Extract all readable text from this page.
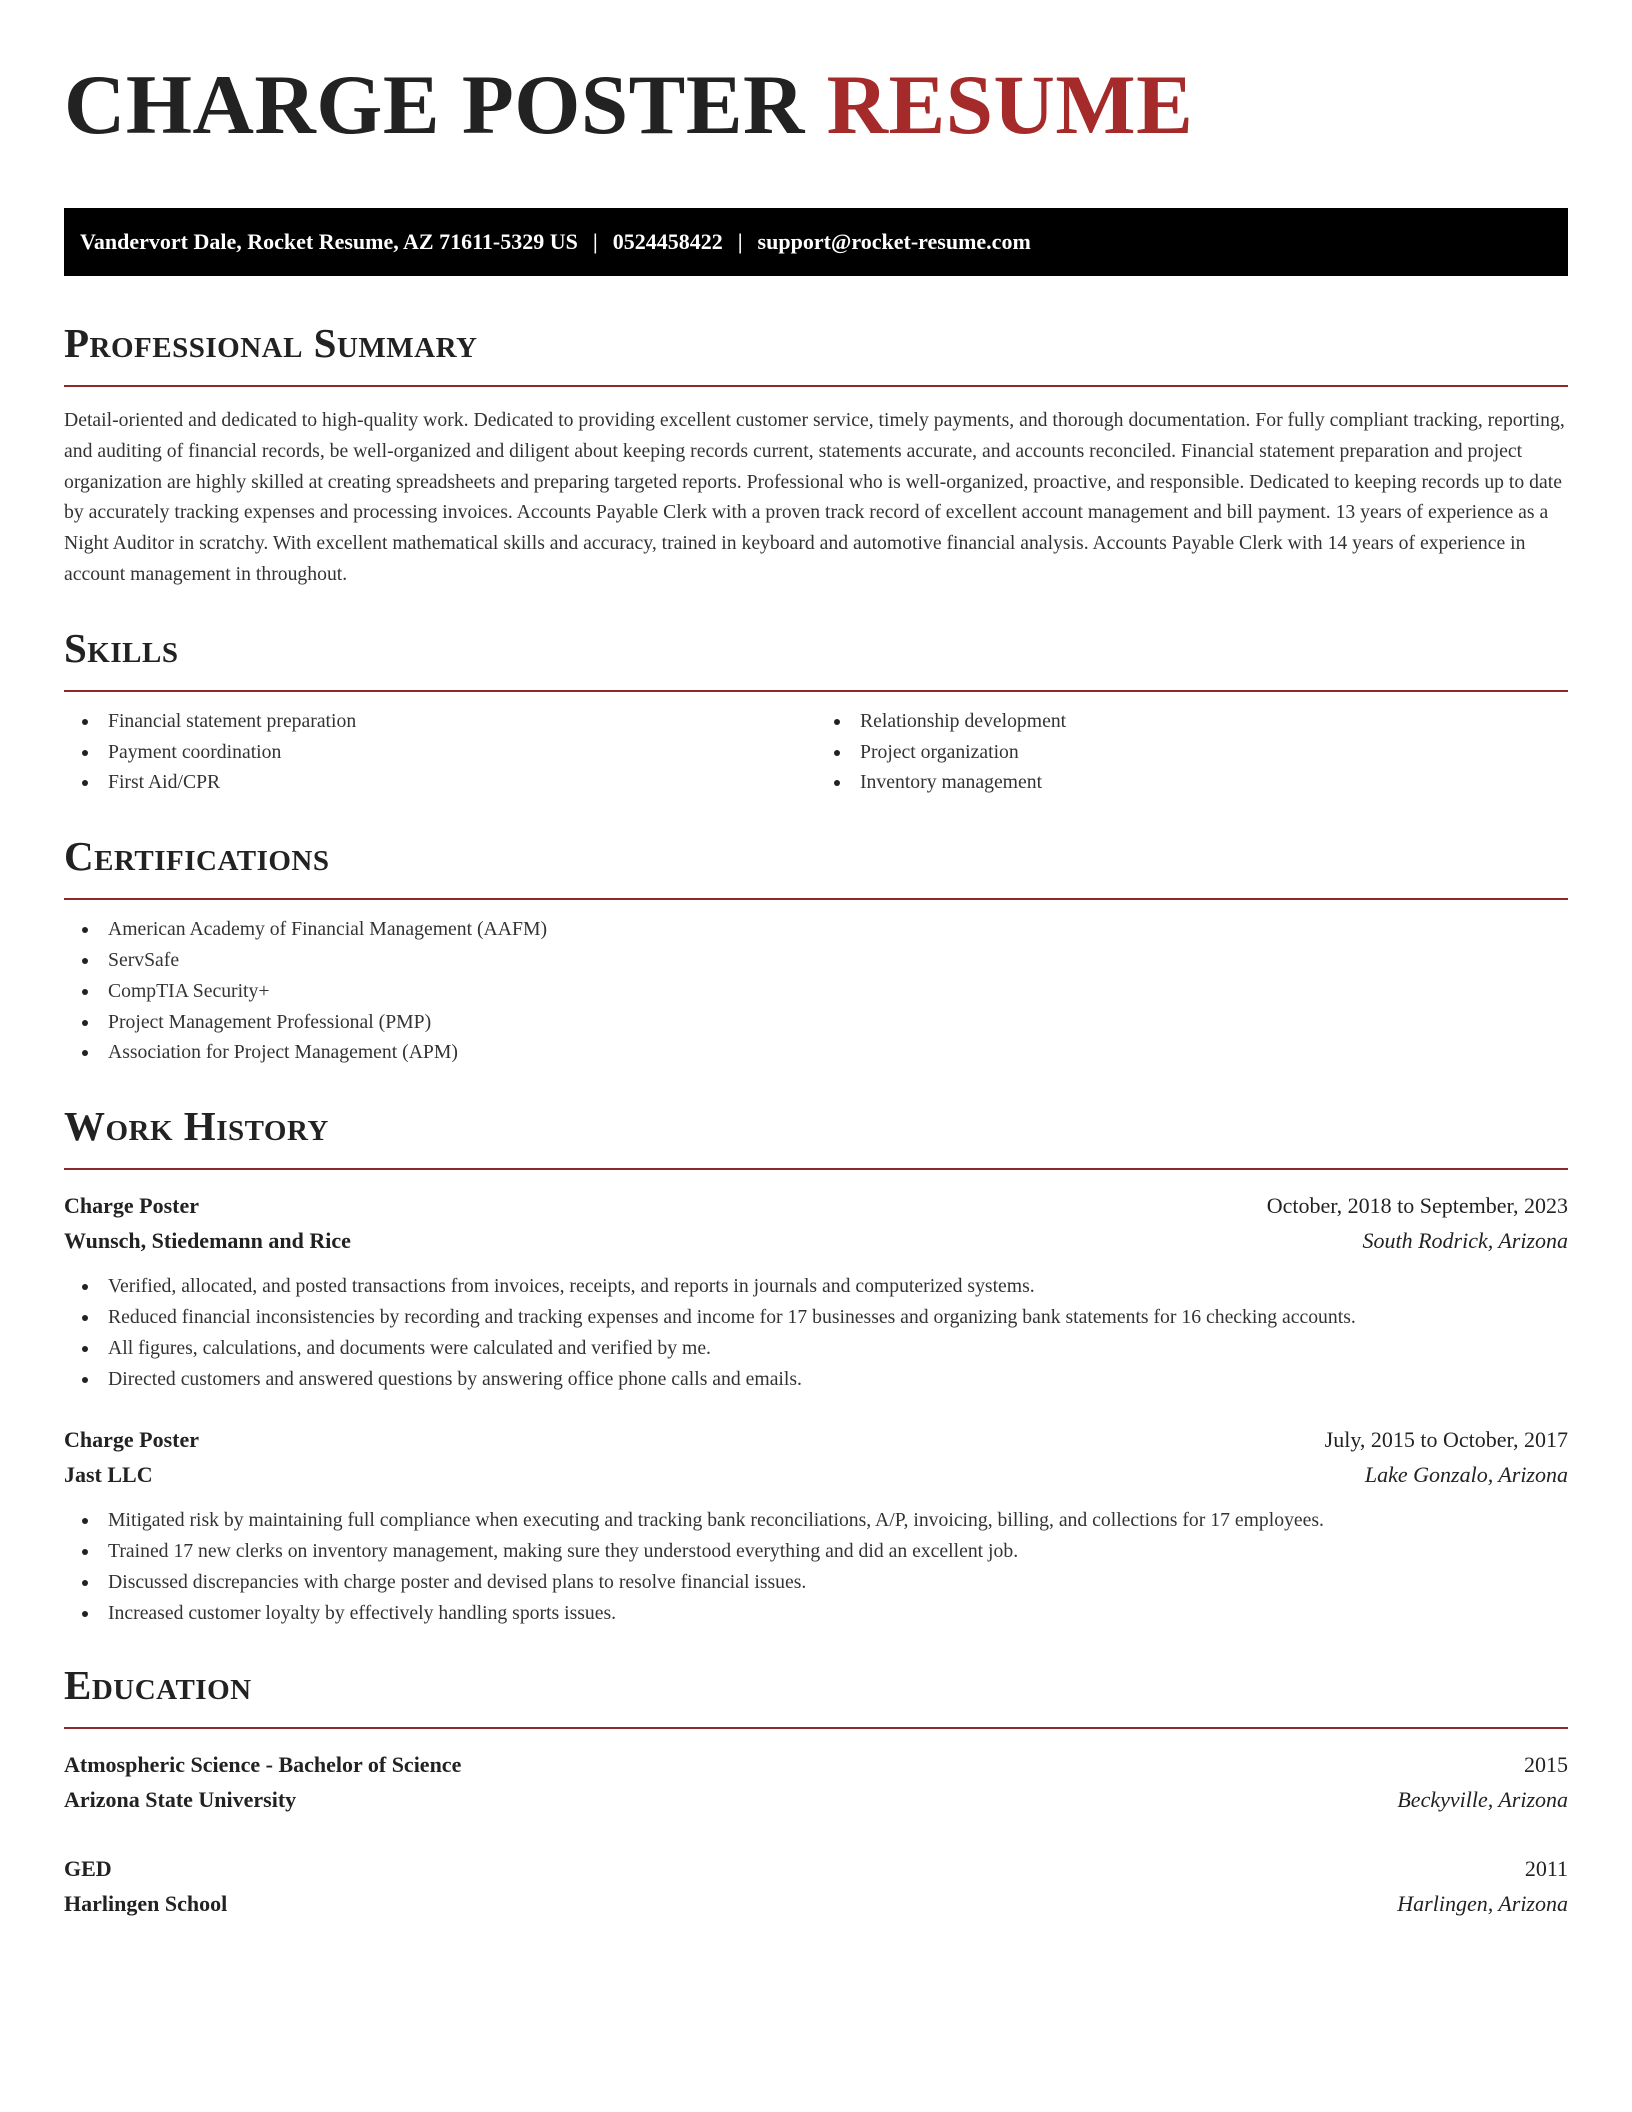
CHARGE POSTER RESUME
Vandervort Dale, Rocket Resume, AZ 71611-5329 US | 0524458422 | support@rocket-resume.com
Professional Summary

Detail-oriented and dedicated to high-quality work. Dedicated to providing excellent customer service, timely payments, and thorough documentation. For fully compliant tracking, reporting, and auditing of financial records, be well-organized and diligent about keeping records current, statements accurate, and accounts reconciled. Financial statement preparation and project organization are highly skilled at creating spreadsheets and preparing targeted reports. Professional who is well-organized, proactive, and responsible. Dedicated to keeping records up to date by accurately tracking expenses and processing invoices. Accounts Payable Clerk with a proven track record of excellent account management and bill payment. 13 years of experience as a Night Auditor in scratchy. With excellent mathematical skills and accuracy, trained in keyboard and automotive financial analysis. Accounts Payable Clerk with 14 years of experience in account management in throughout.

Skills
Financial statement preparation
Payment coordination
First Aid/CPR
Relationship development
Project organization
Inventory management
Certifications
American Academy of Financial Management (AAFM)
ServSafe
CompTIA Security+
Project Management Professional (PMP)
Association for Project Management (APM)
Work History
Charge Poster	October, 2018 to September, 2023
Wunsch, Stiedemann and Rice	South Rodrick, Arizona
Verified, allocated, and posted transactions from invoices, receipts, and reports in journals and computerized systems.
Reduced financial inconsistencies by recording and tracking expenses and income for 17 businesses and organizing bank statements for 16 checking accounts.
All figures, calculations, and documents were calculated and verified by me.
Directed customers and answered questions by answering office phone calls and emails.
Charge Poster	July, 2015 to October, 2017
Jast LLC	Lake Gonzalo, Arizona
Mitigated risk by maintaining full compliance when executing and tracking bank reconciliations, A/P, invoicing, billing, and collections for 17 employees.
Trained 17 new clerks on inventory management, making sure they understood everything and did an excellent job.
Discussed discrepancies with charge poster and devised plans to resolve financial issues.
Increased customer loyalty by effectively handling sports issues.
Education
Atmospheric Science - Bachelor of Science	2015
Arizona State University	Beckyville, Arizona
GED	2011
Harlingen School	Harlingen, Arizona
